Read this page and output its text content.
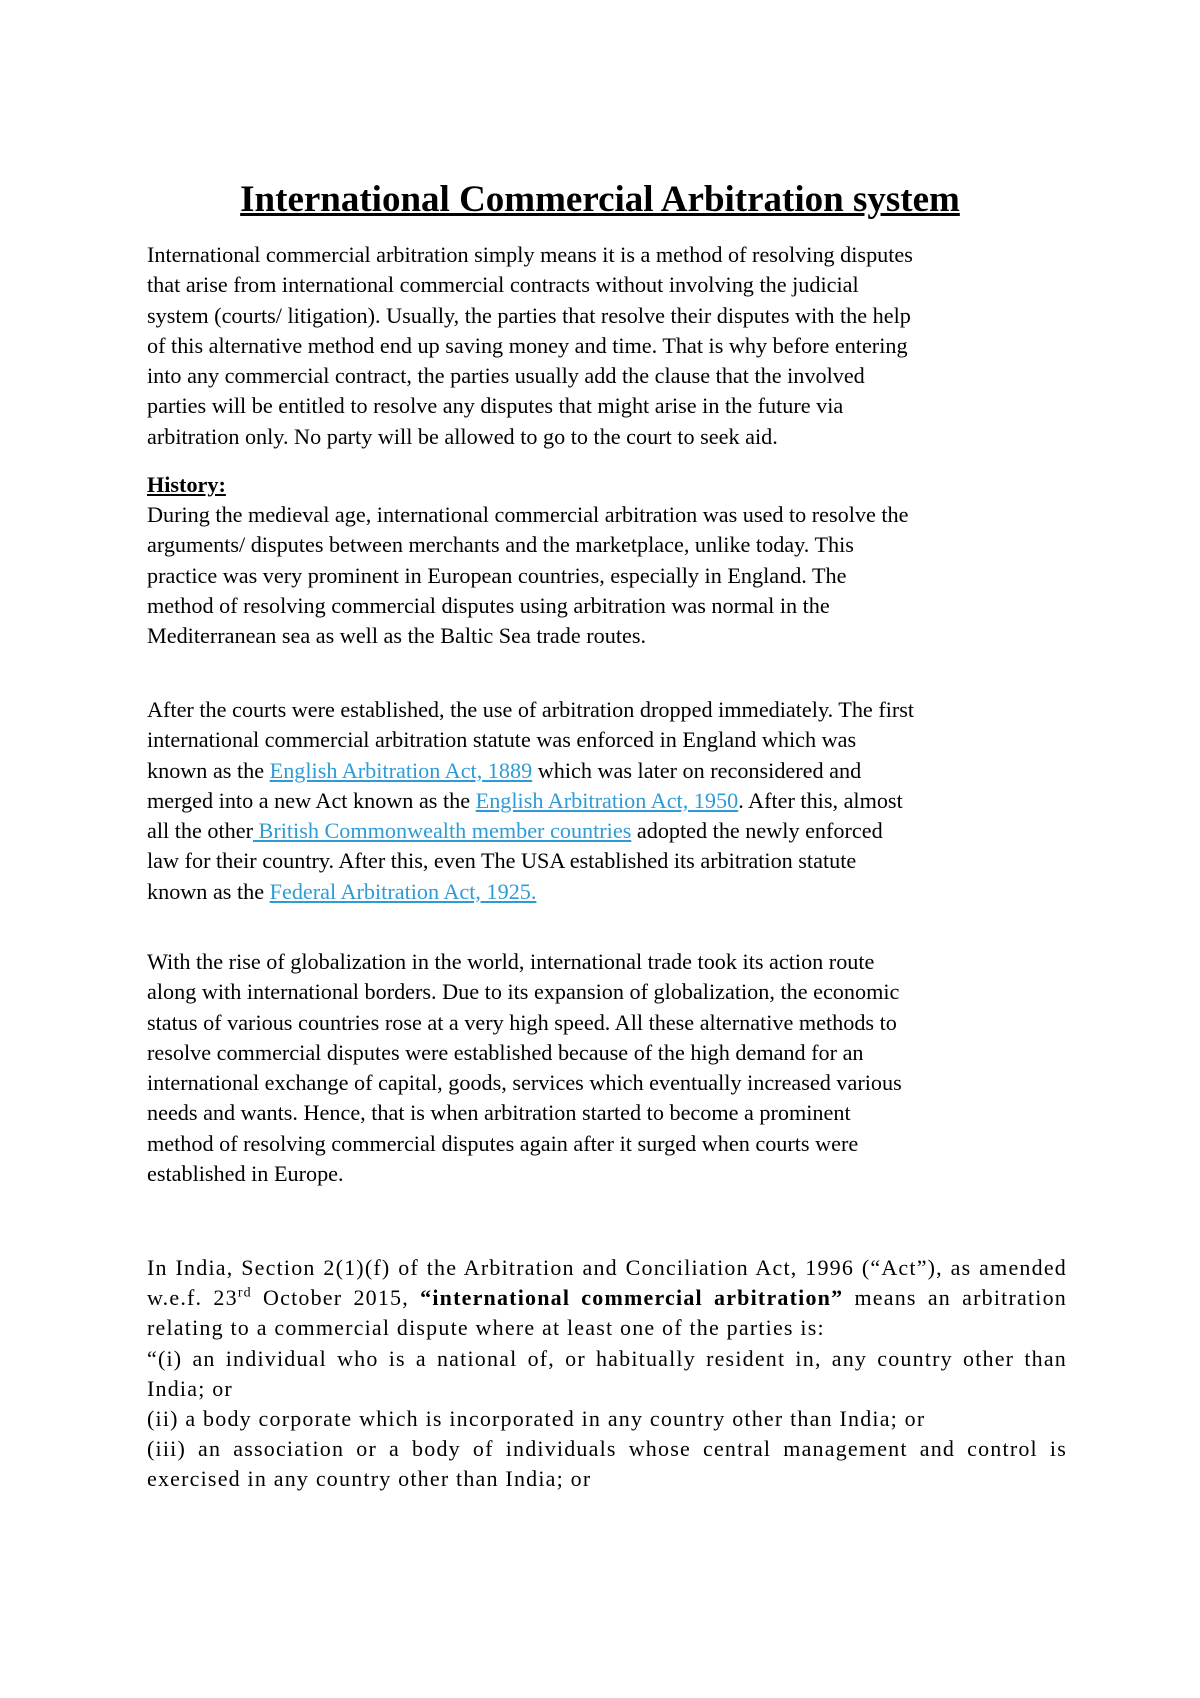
International Commercial Arbitration system

International commercial arbitration simply means it is a method of resolving disputes
that arise from international commercial contracts without involving the judicial
system (courts/ litigation). Usually, the parties that resolve their disputes with the help
of this alternative method end up saving money and time. That is why before entering
into any commercial contract, the parties usually add the clause that the involved
parties will be entitled to resolve any disputes that might arise in the future via
arbitration only. No party will be allowed to go to the court to seek aid.

History:

During the medieval age, international commercial arbitration was used to resolve the
arguments/ disputes between merchants and the marketplace, unlike today. This
practice was very prominent in European countries, especially in England. The
method of resolving commercial disputes using arbitration was normal in the
Mediterranean sea as well as the Baltic Sea trade routes.

After the courts were established, the use of arbitration dropped immediately. The first
international commercial arbitration statute was enforced in England which was
known as the English Arbitration Act, 1889 which was later on reconsidered and
merged into a new Act known as the English Arbitration Act, 1950. After this, almost
all the other British Commonwealth member countries adopted the newly enforced
law for their country. After this, even The USA established its arbitration statute
known as the Federal Arbitration Act, 1925.

With the rise of globalization in the world, international trade took its action route
along with international borders. Due to its expansion of globalization, the economic
status of various countries rose at a very high speed. All these alternative methods to
resolve commercial disputes were established because of the high demand for an
international exchange of capital, goods, services which eventually increased various
needs and wants. Hence, that is when arbitration started to become a prominent
method of resolving commercial disputes again after it surged when courts were
established in Europe.

In India, Section 2(1)(f) of the Arbitration and Conciliation Act, 1996 (“Act”), as amended w.e.f. 23rd October 2015, “international commercial arbitration” means an arbitration relating to a commercial dispute where at least one of the parties is:
“(i) an individual who is a national of, or habitually resident in, any country other than India; or
(ii) a body corporate which is incorporated in any country other than India; or
(iii) an association or a body of individuals whose central management and control is exercised in any country other than India; or
